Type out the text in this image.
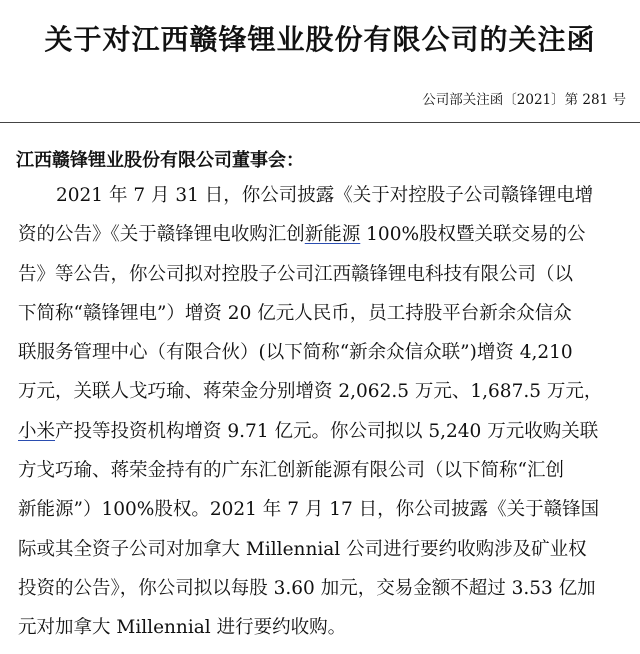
关于对江西赣锋锂业股份有限公司的关注函
公司部关注函〔2021〕第 281 号
江西赣锋锂业股份有限公司董事会：
2021 年 7 月 31 日，你公司披露《关于对控股子公司赣锋锂电增
资的公告》《关于赣锋锂电收购汇创新能源 100%股权暨关联交易的公
告》等公告，你公司拟对控股子公司江西赣锋锂电科技有限公司（以
下简称“赣锋锂电”）增资 20 亿元人民币，员工持股平台新余众信众
联服务管理中心（有限合伙）(以下简称“新余众信众联”)增资 4,210
万元，关联人戈巧瑜、蒋荣金分别增资 2,062.5 万元、1,687.5 万元，
小米产投等投资机构增资 9.71 亿元。你公司拟以 5,240 万元收购关联
方戈巧瑜、蒋荣金持有的广东汇创新能源有限公司（以下简称“汇创
新能源”）100%股权。2021 年 7 月 17 日，你公司披露《关于赣锋国
际或其全资子公司对加拿大 Millennial 公司进行要约收购涉及矿业权
投资的公告》，你公司拟以每股 3.60 加元，交易金额不超过 3.53 亿加
元对加拿大 Millennial 进行要约收购。
